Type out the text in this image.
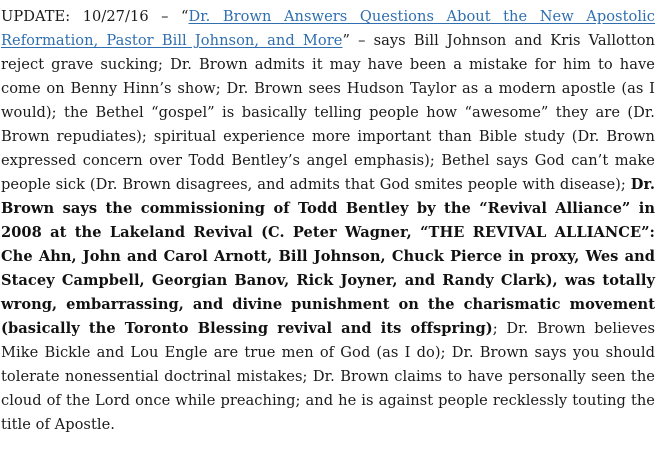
UPDATE: 10/27/16 – “Dr. Brown Answers Questions About the New Apostolic Reformation, Pastor Bill Johnson, and More” – says Bill Johnson and Kris Vallotton reject grave sucking; Dr. Brown admits it may have been a mistake for him to have come on Benny Hinn’s show; Dr. Brown sees Hudson Taylor as a modern apostle (as I would); the Bethel “gospel” is basically telling people how “awesome” they are (Dr. Brown repudiates); spiritual experience more important than Bible study (Dr. Brown expressed concern over Todd Bentley’s angel emphasis); Bethel says God can’t make people sick (Dr. Brown disagrees, and admits that God smites people with disease); Dr. Brown says the commissioning of Todd Bentley by the “Revival Alliance” in 2008 at the Lakeland Revival (C. Peter Wagner, “THE REVIVAL ALLIANCE”: Che Ahn, John and Carol Arnott, Bill Johnson, Chuck Pierce in proxy, Wes and Stacey Campbell, Georgian Banov, Rick Joyner, and Randy Clark), was totally wrong, embarrassing, and divine punishment on the charismatic movement (basically the Toronto Blessing revival and its offspring); Dr. Brown believes Mike Bickle and Lou Engle are true men of God (as I do); Dr. Brown says you should tolerate nonessential doctrinal mistakes; Dr. Brown claims to have personally seen the cloud of the Lord once while preaching; and he is against people recklessly touting the title of Apostle.
